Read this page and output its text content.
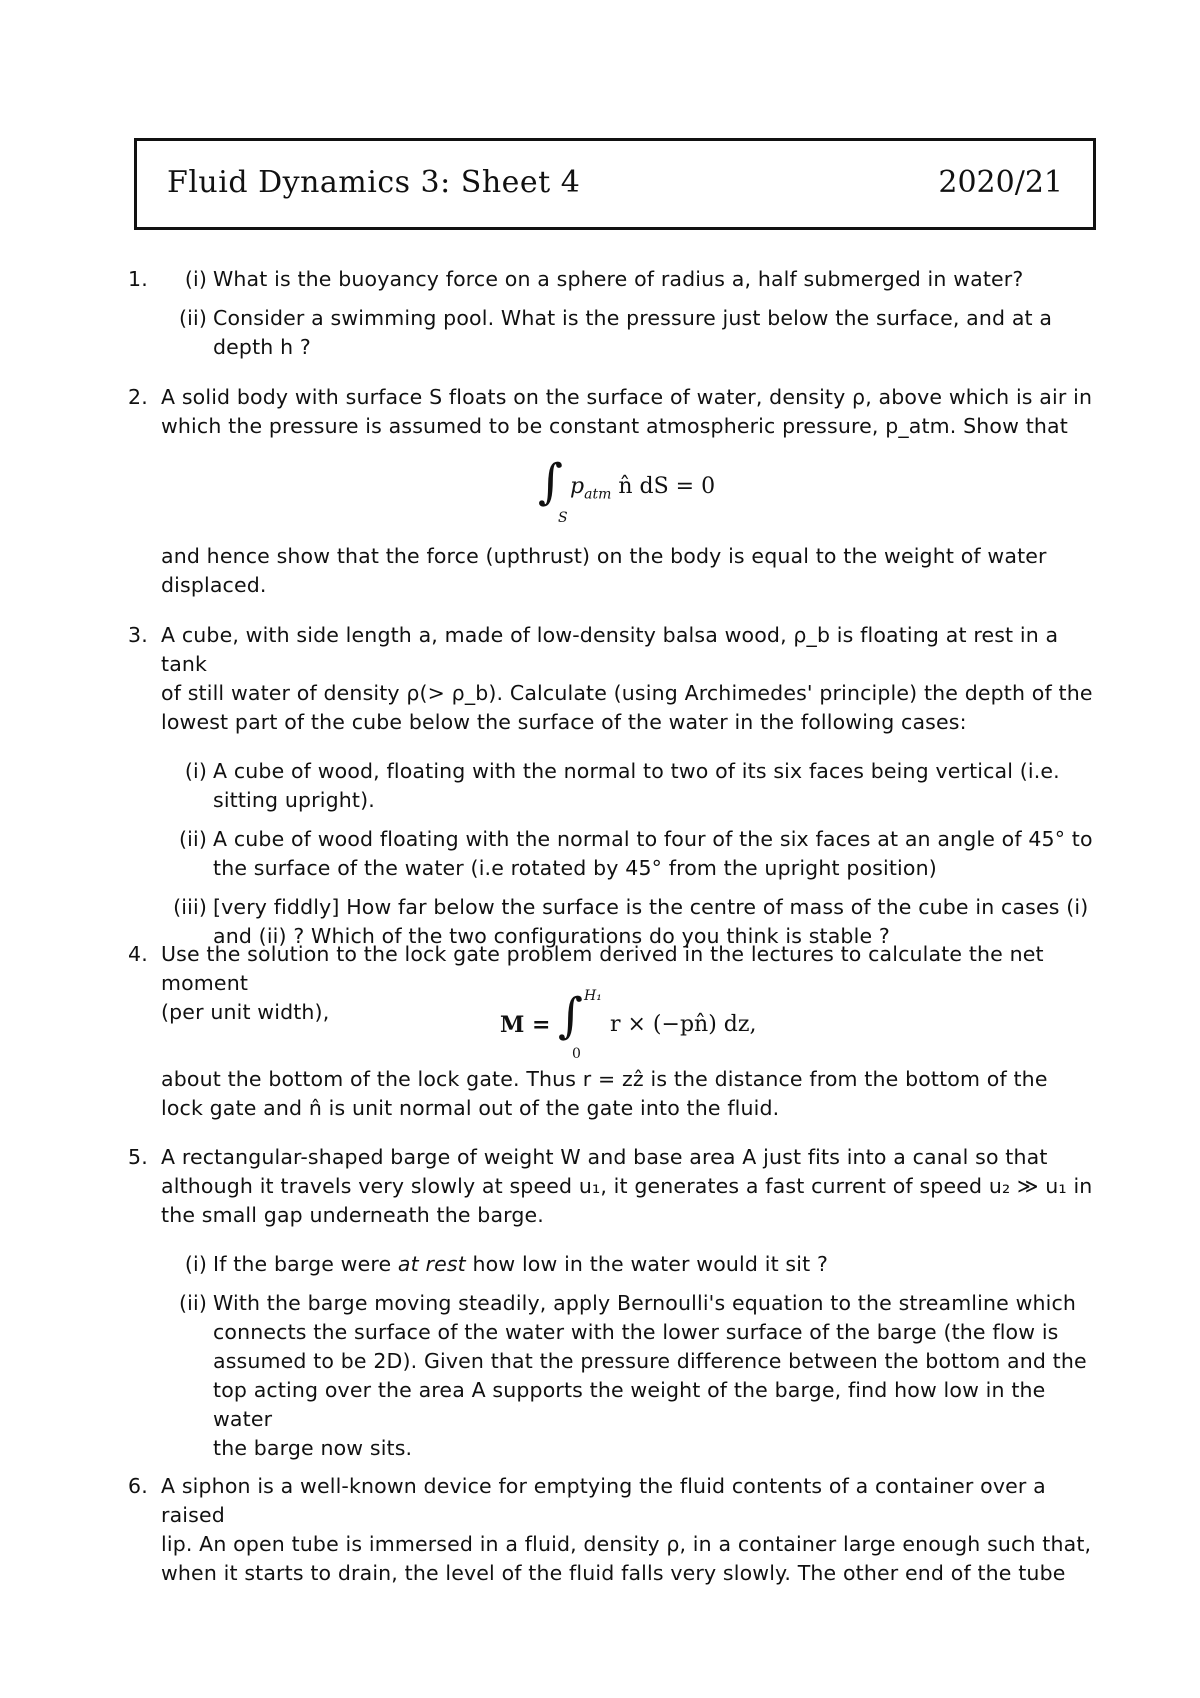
Fluid Dynamics 3: Sheet 4	2020/21
1.	(i) What is the buoyancy force on a sphere of radius a, half submerged in water?
(ii) Consider a swimming pool. What is the pressure just below the surface, and at a
depth h ?
2. A solid body with surface S floats on the surface of water, density ρ, above which is air in
which the pressure is assumed to be constant atmospheric pressure, p_atm. Show that
∫
S
$p_{atm}$ n̂ dS = 0
and hence show that the force (upthrust) on the body is equal to the weight of water
displaced.
3. A cube, with side length a, made of low-density balsa wood, ρ_b is floating at rest in a tank
of still water of density ρ(> ρ_b). Calculate (using Archimedes' principle) the depth of the
lowest part of the cube below the surface of the water in the following cases:
(i) A cube of wood, floating with the normal to two of its six faces being vertical (i.e.
sitting upright).
(ii) A cube of wood floating with the normal to four of the six faces at an angle of 45° to
the surface of the water (i.e rotated by 45° from the upright position)
(iii) [very fiddly] How far below the surface is the centre of mass of the cube in cases (i)
and (ii) ? Which of the two configurations do you think is stable ?
4. Use the solution to the lock gate problem derived in the lectures to calculate the net moment
(per unit width),	M = ∫ H₁
0
r × (−pn̂) dz,
about the bottom of the lock gate. Thus r = zẑ is the distance from the bottom of the
lock gate and n̂ is unit normal out of the gate into the fluid.
5. A rectangular-shaped barge of weight W and base area A just fits into a canal so that
although it travels very slowly at speed u₁, it generates a fast current of speed u₂ ≫ u₁ in
the small gap underneath the barge.
(i) If the barge were at rest how low in the water would it sit ?
(ii) With the barge moving steadily, apply Bernoulli's equation to the streamline which
connects the surface of the water with the lower surface of the barge (the flow is
assumed to be 2D). Given that the pressure difference between the bottom and the
top acting over the area A supports the weight of the barge, find how low in the water
the barge now sits.
6. A siphon is a well-known device for emptying the fluid contents of a container over a raised
lip. An open tube is immersed in a fluid, density ρ, in a container large enough such that,
when it starts to drain, the level of the fluid falls very slowly. The other end of the tube
